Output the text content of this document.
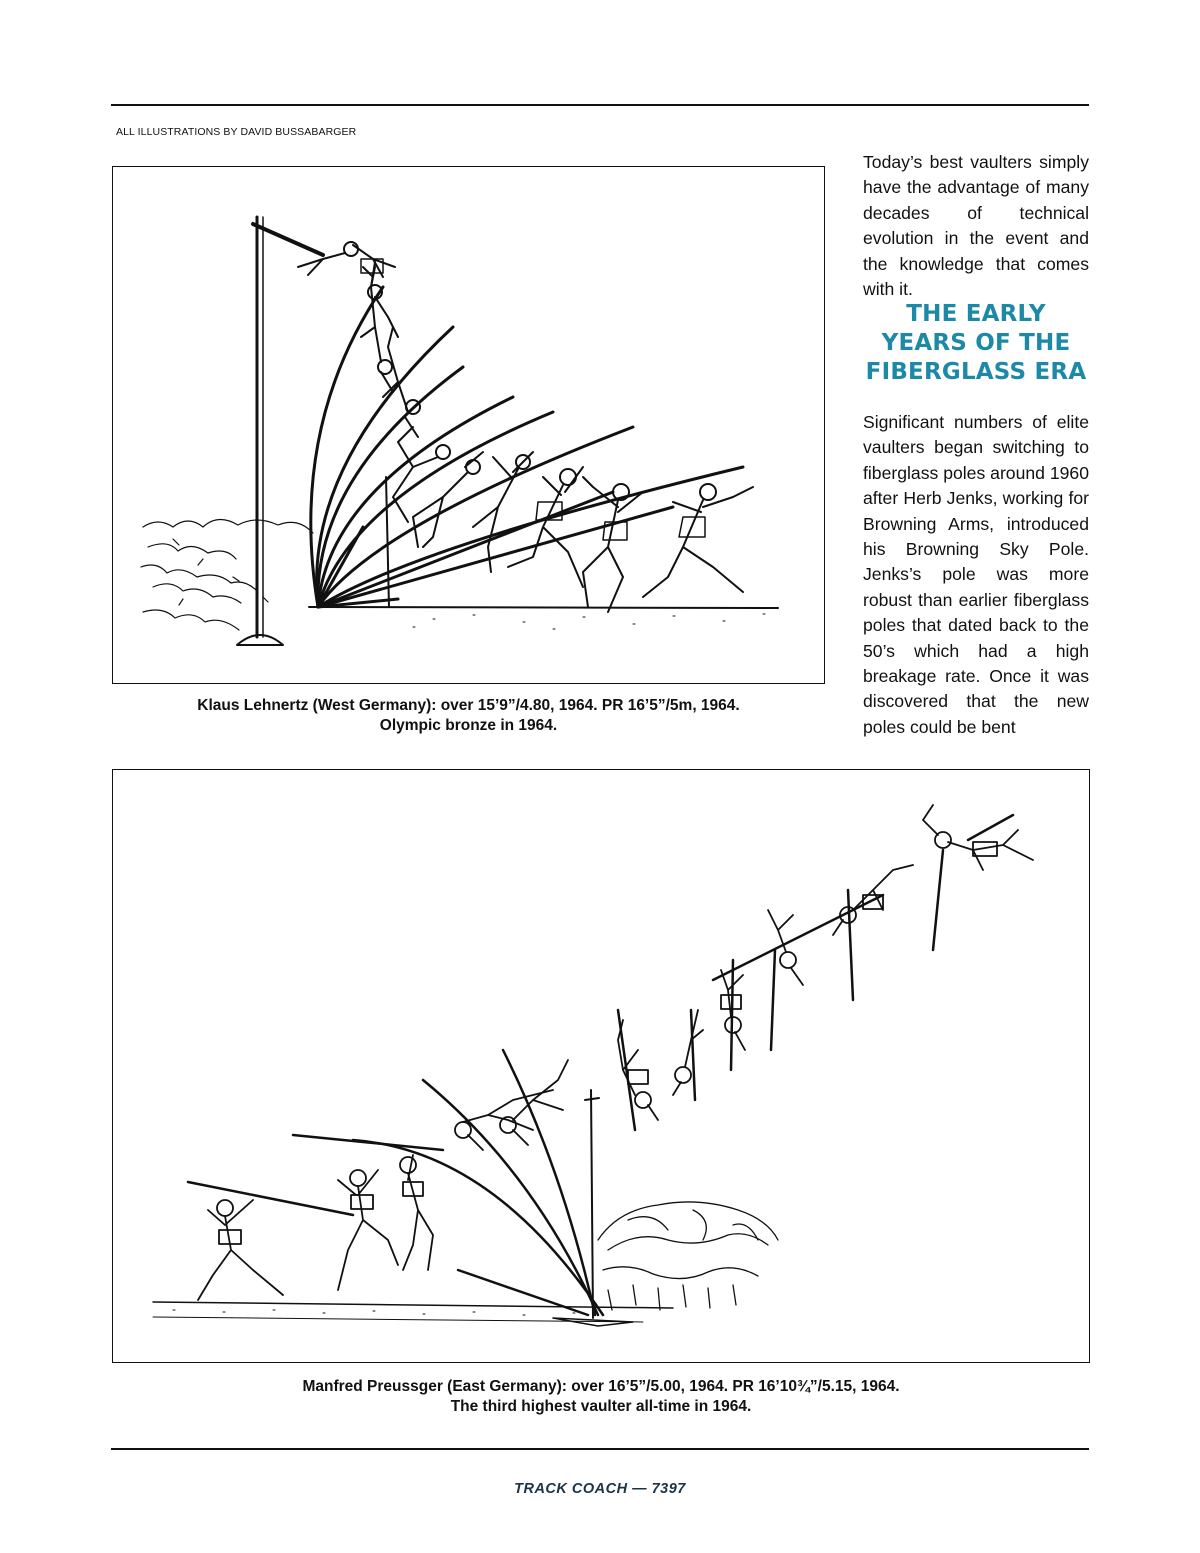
ALL ILLUSTRATIONS BY DAVID BUSSABARGER
Klaus Lehnertz (West Germany): over 15’9”/4.80, 1964. PR 16’5”/5m, 1964.
Olympic bronze in 1964.
Today’s best vaulters simply have the advantage of many decades of technical evolution in the event and the knowledge that comes with it.
THE EARLY
YEARS OF THE
FIBERGLASS ERA
Significant numbers of elite vaulters began switching to fiberglass poles around 1960 after Herb Jenks, working for Browning Arms, introduced his Browning Sky Pole. Jenks’s pole was more robust than earlier fiberglass poles that dated back to the 50’s which had a high breakage rate. Once it was discovered that the new poles could be bent
Manfred Preussger (East Germany): over 16’5”/5.00, 1964. PR 16’10¾”/5.15, 1964.
The third highest vaulter all-time in 1964.
TRACK COACH — 7397
